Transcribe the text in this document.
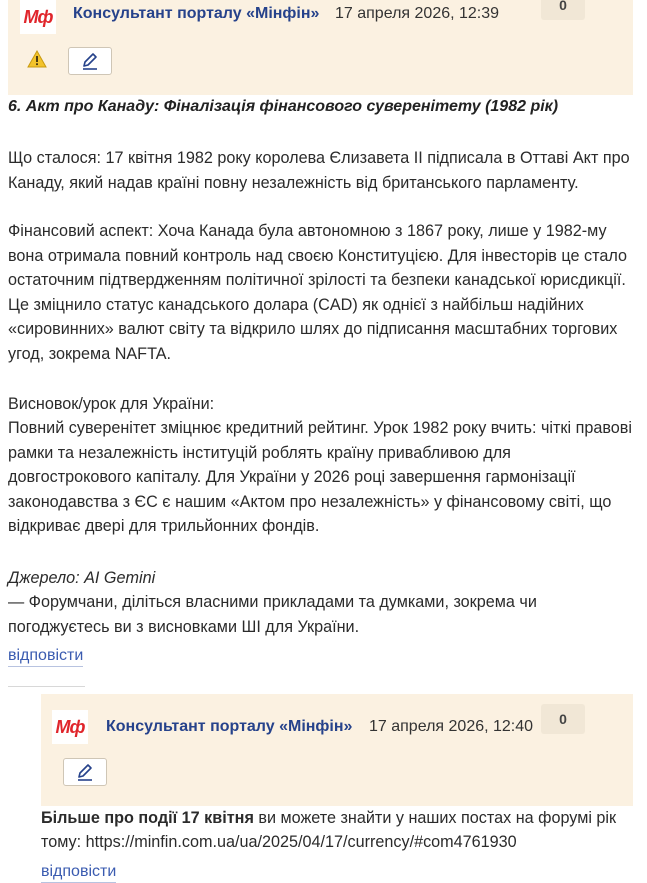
Мф Консультант порталу «Мінфін» 17 апреля 2026, 12:39	0
6. Акт про Канаду: Фіналізація фінансового суверенітету (1982 рік)
Що сталося: 17 квітня 1982 року королева Єлизавета II підписала в Оттаві Акт про Канаду, який надав країні повну незалежність від британського парламенту.
Фінансовий аспект: Хоча Канада була автономною з 1867 року, лише у 1982-му вона отримала повний контроль над своєю Конституцією. Для інвесторів це стало остаточним підтвердженням політичної зрілості та безпеки канадської юрисдикції. Це зміцнило статус канадського долара (CAD) як однієї з найбільш надійних «сировинних» валют світу та відкрило шлях до підписання масштабних торгових угод, зокрема NAFTA.
Висновок/урок для України:
Повний суверенітет зміцнює кредитний рейтинг. Урок 1982 року вчить: чіткі правові рамки та незалежність інституцій роблять країну привабливою для довгострокового капіталу. Для України у 2026 році завершення гармонізації законодавства з ЄС є нашим «Актом про незалежність» у фінансовому світі, що відкриває двері для трильйонних фондів.
Джерело: AI Gemini
— Форумчани, діліться власними прикладами та думками, зокрема чи погоджуєтесь ви з висновками ШІ для України.
відповісти
Мф Консультант порталу «Мінфін» 17 апреля 2026, 12:40	0
Більше про події 17 квітня ви можете знайти у наших постах на форумі рік тому: https://minfin.com.ua/ua/2025/04/17/currency/#com4761930
відповісти
